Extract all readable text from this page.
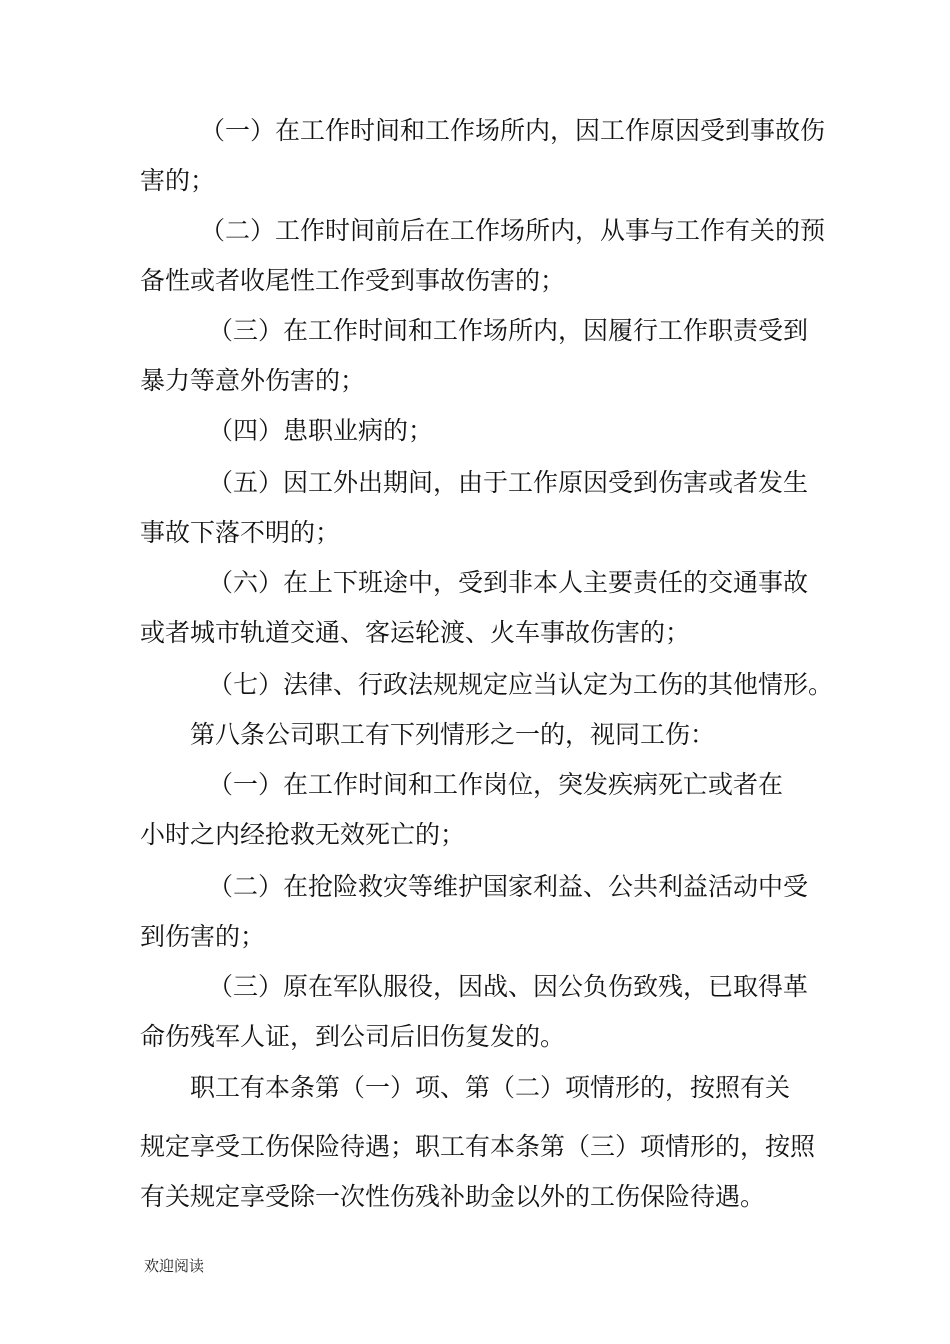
（一）在工作时间和工作场所内，因工作原因受到事故伤
害的；
（二）工作时间前后在工作场所内，从事与工作有关的预
备性或者收尾性工作受到事故伤害的；
（三）在工作时间和工作场所内，因履行工作职责受到
暴力等意外伤害的；
（四）患职业病的；
（五）因工外出期间，由于工作原因受到伤害或者发生
事故下落不明的；
（六）在上下班途中，受到非本人主要责任的交通事故
或者城市轨道交通、客运轮渡、火车事故伤害的；
（七）法律、行政法规规定应当认定为工伤的其他情形。
第八条公司职工有下列情形之一的，视同工伤：
（一）在工作时间和工作岗位，突发疾病死亡或者在
小时之内经抢救无效死亡的；
（二）在抢险救灾等维护国家利益、公共利益活动中受
到伤害的；
（三）原在军队服役，因战、因公负伤致残，已取得革
命伤残军人证，到公司后旧伤复发的。
职工有本条第（一）项、第（二）项情形的，按照有关
规定享受工伤保险待遇；职工有本条第（三）项情形的，按照
有关规定享受除一次性伤残补助金以外的工伤保险待遇。
欢迎阅读
